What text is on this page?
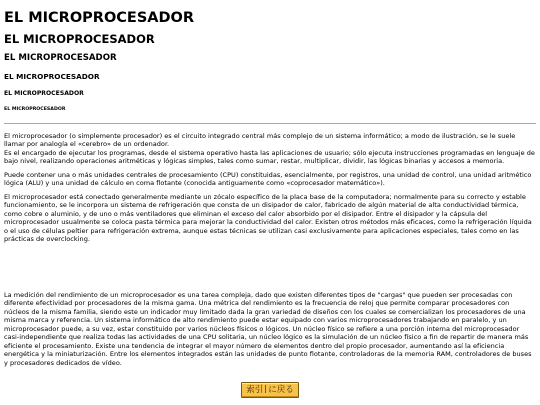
EL MICROPROCESADOR
EL MICROPROCESADOR
EL MICROPROCESADOR
EL MICROPROCESADOR
EL MICROPROCESADOR
EL MICROPROCESADOR

El microprocesador (o simplemente procesador) es el circuito integrado central más complejo de un sistema informático; a modo de ilustración, se le suele llamar por analogía el «cerebro» de un ordenador.

Es el encargado de ejecutar los programas, desde el sistema operativo hasta las aplicaciones de usuario; sólo ejecuta instrucciones programadas en lenguaje de bajo nivel, realizando operaciones aritméticas y lógicas simples, tales como sumar, restar, multiplicar, dividir, las lógicas binarias y accesos a memoria.

Puede contener una o más unidades centrales de procesamiento (CPU) constituidas, esencialmente, por registros, una unidad de control, una unidad aritmético lógica (ALU) y una unidad de cálculo en coma flotante (conocida antiguamente como «coprocesador matemático»).

El microprocesador está conectado generalmente mediante un zócalo específico de la placa base de la computadora; normalmente para su correcto y estable funcionamiento, se le incorpora un sistema de refrigeración que consta de un disipador de calor, fabricado de algún material de alta conductividad térmica, como cobre o aluminio, y de uno o más ventiladores que eliminan el exceso del calor absorbido por el disipador. Entre el disipador y la cápsula del microprocesador usualmente se coloca pasta térmica para mejorar la conductividad del calor. Existen otros métodos más eficaces, como la refrigeración líquida o el uso de células peltier para refrigeración extrema, aunque estas técnicas se utilizan casi exclusivamente para aplicaciones especiales, tales como en las prácticas de overclocking.

La medición del rendimiento de un microprocesador es una tarea compleja, dado que existen diferentes tipos de "cargas" que pueden ser procesadas con diferente efectividad por procesadores de la misma gama. Una métrica del rendimiento es la frecuencia de reloj que permite comparar procesadores con núcleos de la misma familia, siendo este un indicador muy limitado dada la gran variedad de diseños con los cuales se comercializan los procesadores de una misma marca y referencia. Un sistema informático de alto rendimiento puede estar equipado con varios microprocesadores trabajando en paralelo, y un microprocesador puede, a su vez, estar constituido por varios núcleos físicos o lógicos. Un núcleo físico se refiere a una porción interna del microprocesador casi-independiente que realiza todas las actividades de una CPU solitaria, un núcleo lógico es la simulación de un núcleo físico a fin de repartir de manera más eficiente el procesamiento. Existe una tendencia de integrar el mayor número de elementos dentro del propio procesador, aumentando así la eficiencia energética y la miniaturización. Entre los elementos integrados están las unidades de punto flotante, controladoras de la memoria RAM, controladores de buses y procesadores dedicados de vídeo.

索引 に戻る
